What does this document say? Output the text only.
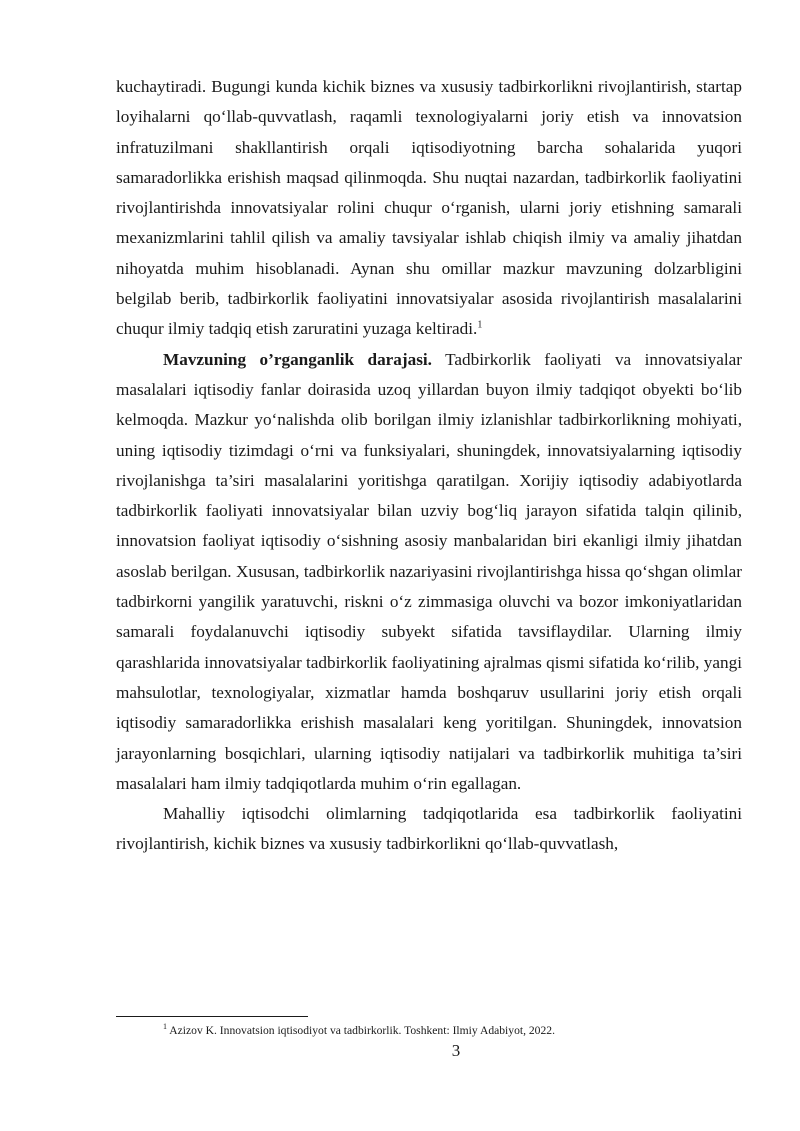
kuchaytiradi. Bugungi kunda kichik biznes va xususiy tadbirkorlikni rivojlantirish, startap loyihalarni qo‘llab-quvvatlash, raqamli texnologiyalarni joriy etish va innovatsion infratuzilmani shakllantirish orqali iqtisodiyotning barcha sohalarida yuqori samaradorlikka erishish maqsad qilinmoqda. Shu nuqtai nazardan, tadbirkorlik faoliyatini rivojlantirishda innovatsiyalar rolini chuqur o‘rganish, ularni joriy etishning samarali mexanizmlarini tahlil qilish va amaliy tavsiyalar ishlab chiqish ilmiy va amaliy jihatdan nihoyatda muhim hisoblanadi. Aynan shu omillar mazkur mavzuning dolzarbligini belgilab berib, tadbirkorlik faoliyatini innovatsiyalar asosida rivojlantirish masalalarini chuqur ilmiy tadqiq etish zaruratini yuzaga keltiradi.$^1$

Mavzuning o’rganganlik darajasi. Tadbirkorlik faoliyati va innovatsiyalar masalalari iqtisodiy fanlar doirasida uzoq yillardan buyon ilmiy tadqiqot obyekti bo‘lib kelmoqda. Mazkur yo‘nalishda olib borilgan ilmiy izlanishlar tadbirkorlikning mohiyati, uning iqtisodiy tizimdagi o‘rni va funksiyalari, shuningdek, innovatsiyalarning iqtisodiy rivojlanishga ta’siri masalalarini yoritishga qaratilgan. Xorijiy iqtisodiy adabiyotlarda tadbirkorlik faoliyati innovatsiyalar bilan uzviy bog‘liq jarayon sifatida talqin qilinib, innovatsion faoliyat iqtisodiy o‘sishning asosiy manbalaridan biri ekanligi ilmiy jihatdan asoslab berilgan. Xususan, tadbirkorlik nazariyasini rivojlantirishga hissa qo‘shgan olimlar tadbirkorni yangilik yaratuvchi, riskni o‘z zimmasiga oluvchi va bozor imkoniyatlaridan samarali foydalanuvchi iqtisodiy subyekt sifatida tavsiflaydilar. Ularning ilmiy qarashlarida innovatsiyalar tadbirkorlik faoliyatining ajralmas qismi sifatida ko‘rilib, yangi mahsulotlar, texnologiyalar, xizmatlar hamda boshqaruv usullarini joriy etish orqali iqtisodiy samaradorlikka erishish masalalari keng yoritilgan. Shuningdek, innovatsion jarayonlarning bosqichlari, ularning iqtisodiy natijalari va tadbirkorlik muhitiga ta’siri masalalari ham ilmiy tadqiqotlarda muhim o‘rin egallagan.

Mahalliy iqtisodchi olimlarning tadqiqotlarida esa tadbirkorlik faoliyatini rivojlantirish, kichik biznes va xususiy tadbirkorlikni qo‘llab-quvvatlash,

$^1$ Azizov K. Innovatsion iqtisodiyot va tadbirkorlik. Toshkent: Ilmiy Adabiyot, 2022.
3
